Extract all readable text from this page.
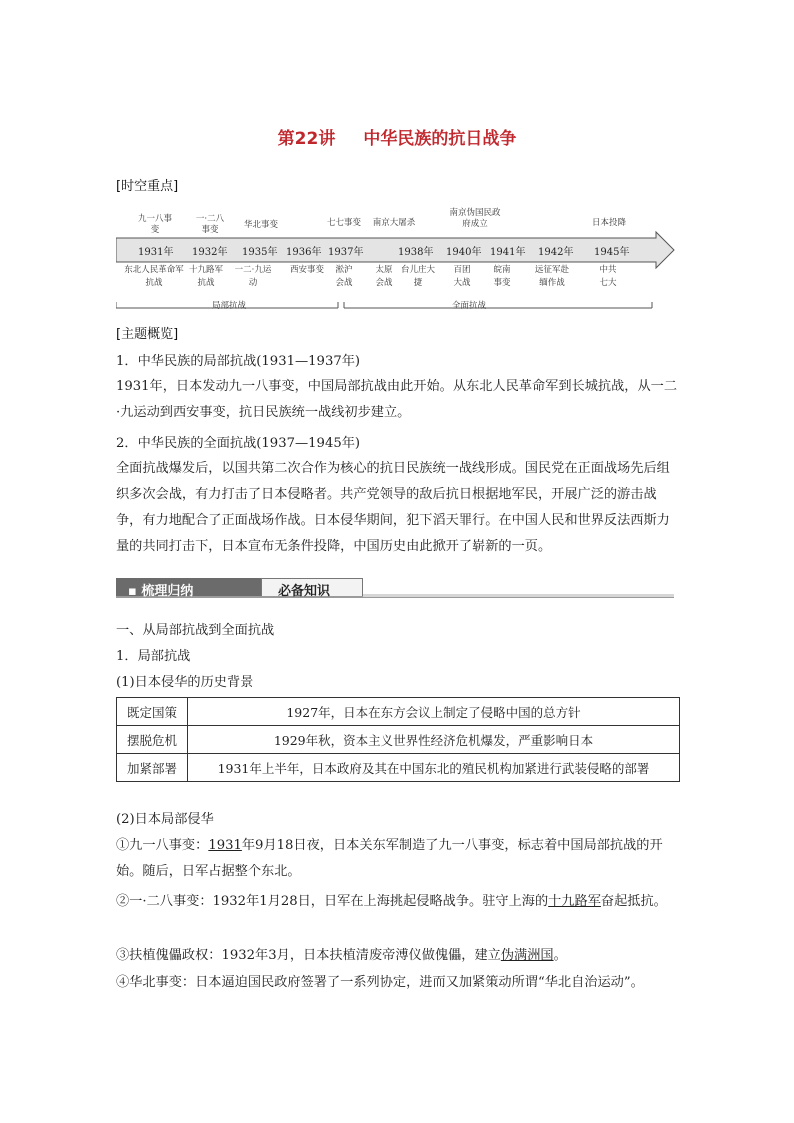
第22讲 中华民族的抗日战争
[时空重点]
九一八事变
一·二八事变	华北事变	七七事变	南京大屠杀
南京伪国民政府成立	日本投降
1931年 1932年 1935年 1936年 1937年	1938年 1940年 1941年 1942年 1945年
东北人民革命军抗战
十九路军抗战
一二·九运动
西安事变	淞沪会战
太原会战
台儿庄大捷
百团大战
皖南事变
远征军赴缅作战
中共七大
局部抗战	全面抗战
[主题概览]
1．中华民族的局部抗战(1931—1937年)
1931年，日本发动九一八事变，中国局部抗战由此开始。从东北人民革命军到长城抗战，从一二·九运动到西安事变，抗日民族统一战线初步建立。
2．中华民族的全面抗战(1937—1945年)
全面抗战爆发后，以国共第二次合作为核心的抗日民族统一战线形成。国民党在正面战场先后组织多次会战，有力打击了日本侵略者。共产党领导的敌后抗日根据地军民，开展广泛的游击战争，有力地配合了正面战场作战。日本侵华期间，犯下滔天罪行。在中国人民和世界反法西斯力量的共同打击下，日本宣布无条件投降，中国历史由此掀开了崭新的一页。
▪ 梳理归纳	必备知识
一、从局部抗战到全面抗战
1．局部抗战
(1)日本侵华的历史背景
既定国策	1927年，日本在东方会议上制定了侵略中国的总方针
摆脱危机	1929年秋，资本主义世界性经济危机爆发，严重影响日本
加紧部署	1931年上半年，日本政府及其在中国东北的殖民机构加紧进行武装侵略的部署
(2)日本局部侵华
①九一八事变：1931年9月18日夜，日本关东军制造了九一八事变，标志着中国局部抗战的开始。随后，日军占据整个东北。
②一·二八事变：1932年1月28日，日军在上海挑起侵略战争。驻守上海的十九路军奋起抵抗。
③扶植傀儡政权：1932年3月，日本扶植清废帝溥仪做傀儡，建立伪满洲国。
④华北事变：日本逼迫国民政府签署了一系列协定，进而又加紧策动所谓“华北自治运动”。
